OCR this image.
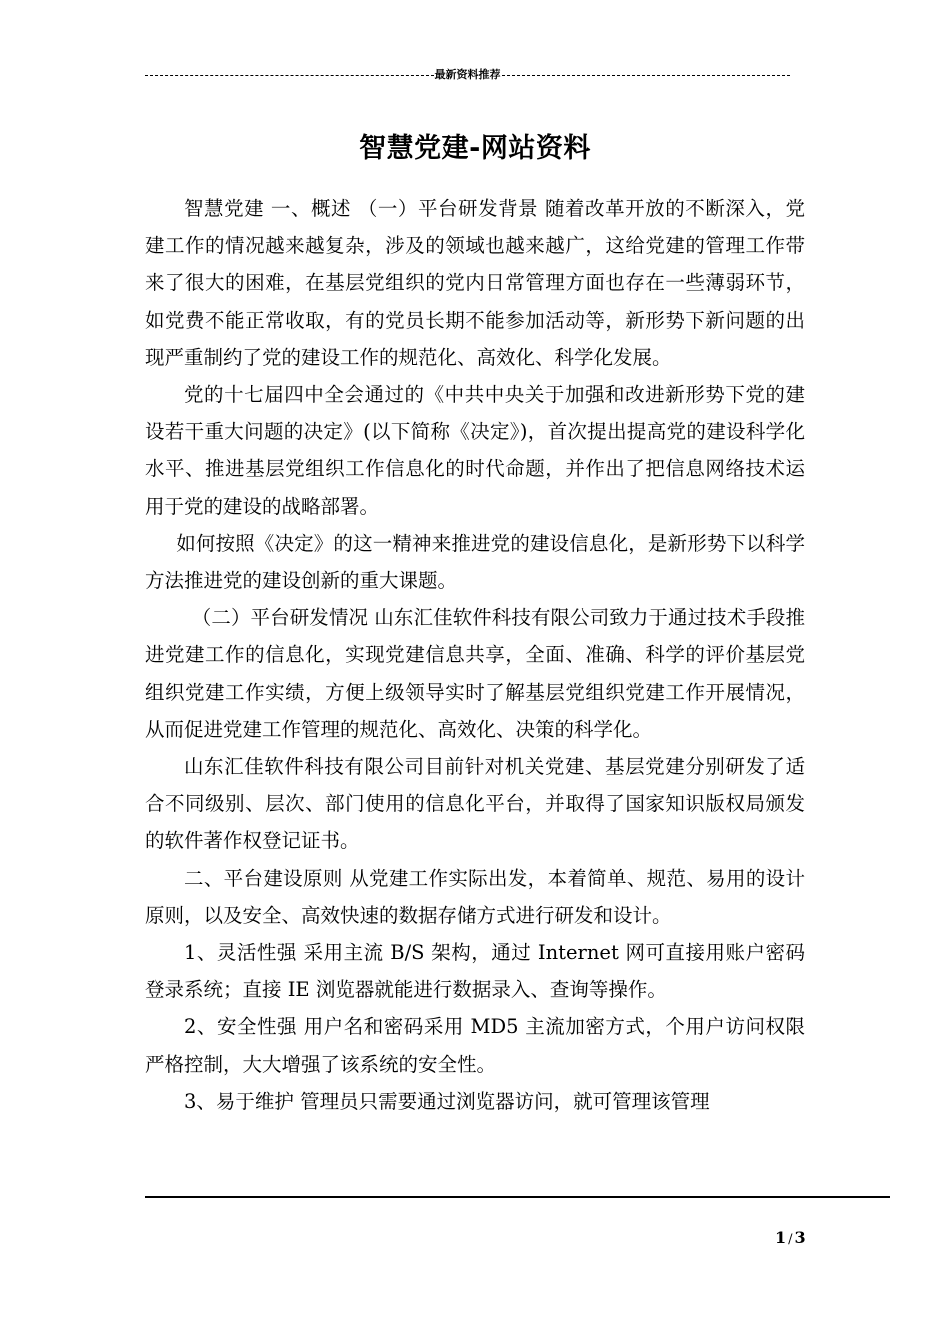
最新资料推荐
智慧党建-网站资料

智慧党建 一、概述 （一）平台研发背景 随着改革开放的不断深入，党建工作的情况越来越复杂，涉及的领域也越来越广，这给党建的管理工作带来了很大的困难，在基层党组织的党内日常管理方面也存在一些薄弱环节，如党费不能正常收取，有的党员长期不能参加活动等，新形势下新问题的出现严重制约了党的建设工作的规范化、高效化、科学化发展。

党的十七届四中全会通过的《中共中央关于加强和改进新形势下党的建设若干重大问题的决定》(以下简称《决定》)，首次提出提高党的建设科学化水平、推进基层党组织工作信息化的时代命题，并作出了把信息网络技术运用于党的建设的战略部署。

如何按照《决定》的这一精神来推进党的建设信息化，是新形势下以科学方法推进党的建设创新的重大课题。

（二）平台研发情况 山东汇佳软件科技有限公司致力于通过技术手段推进党建工作的信息化，实现党建信息共享，全面、准确、科学的评价基层党组织党建工作实绩，方便上级领导实时了解基层党组织党建工作开展情况，从而促进党建工作管理的规范化、高效化、决策的科学化。

山东汇佳软件科技有限公司目前针对机关党建、基层党建分别研发了适合不同级别、层次、部门使用的信息化平台，并取得了国家知识版权局颁发的软件著作权登记证书。

二、平台建设原则 从党建工作实际出发，本着简单、规范、易用的设计原则，以及安全、高效快速的数据存储方式进行研发和设计。

1、灵活性强 采用主流 B/S 架构，通过 Internet 网可直接用账户密码登录系统；直接 IE 浏览器就能进行数据录入、查询等操作。

2、安全性强 用户名和密码采用 MD5 主流加密方式，个用户访问权限严格控制，大大增强了该系统的安全性。

3、易于维护 管理员只需要通过浏览器访问，就可管理该管理

1 / 3
